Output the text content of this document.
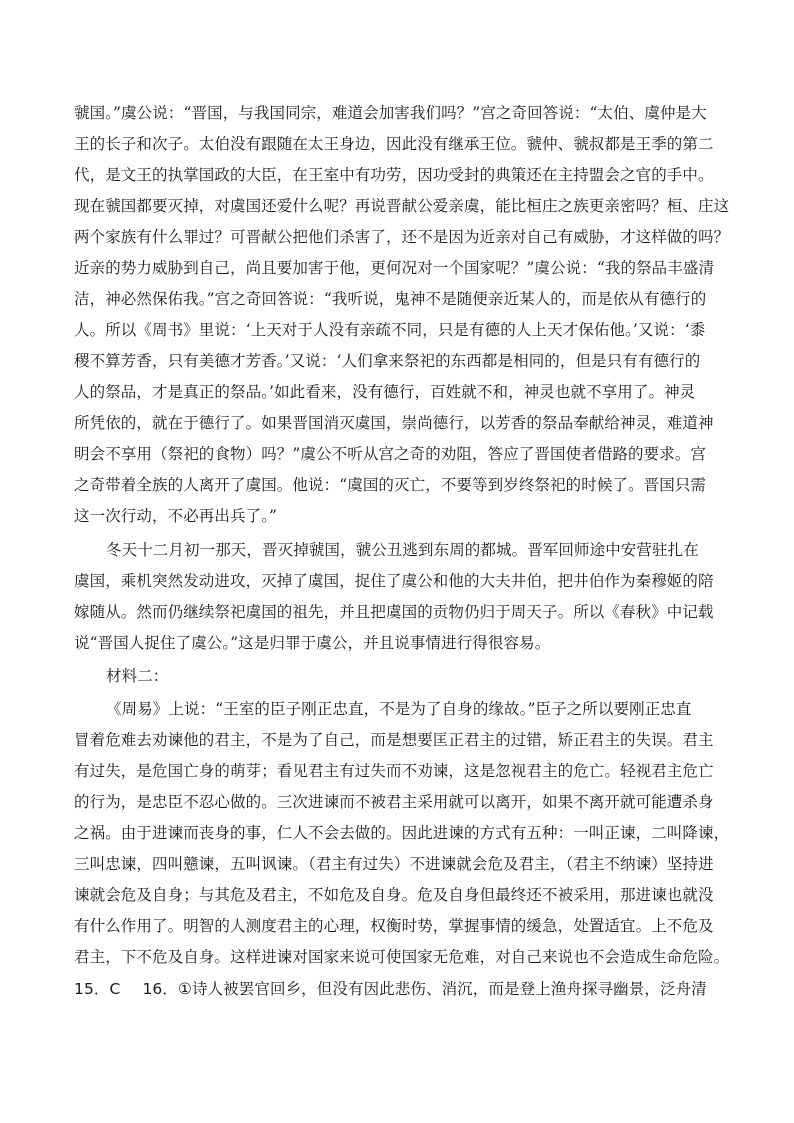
虢国。”虞公说：“晋国，与我国同宗，难道会加害我们吗？”宫之奇回答说：“太伯、虞仲是大
王的长子和次子。太伯没有跟随在太王身边，因此没有继承王位。虢仲、虢叔都是王季的第二
代，是文王的执掌国政的大臣，在王室中有功劳，因功受封的典策还在主持盟会之官的手中。
现在虢国都要灭掉，对虞国还爱什么呢？再说晋献公爱亲虞，能比桓庄之族更亲密吗？桓、庄这
两个家族有什么罪过？可晋献公把他们杀害了，还不是因为近亲对自己有威胁，才这样做的吗？
近亲的势力威胁到自己，尚且要加害于他，更何况对一个国家呢？”虞公说：“我的祭品丰盛清
洁，神必然保佑我。”宫之奇回答说：“我听说，鬼神不是随便亲近某人的，而是依从有德行的
人。所以《周书》里说：‘上天对于人没有亲疏不同，只是有德的人上天才保佑他。’又说：‘黍
稷不算芳香，只有美德才芳香。’又说：‘人们拿来祭祀的东西都是相同的，但是只有有德行的
人的祭品，才是真正的祭品。’如此看来，没有德行，百姓就不和，神灵也就不享用了。神灵
所凭依的，就在于德行了。如果晋国消灭虞国，崇尚德行，以芳香的祭品奉献给神灵，难道神
明会不享用（祭祀的食物）吗？”虞公不听从宫之奇的劝阻，答应了晋国使者借路的要求。宫
之奇带着全族的人离开了虞国。他说：“虞国的灭亡，不要等到岁终祭祀的时候了。晋国只需
这一次行动，不必再出兵了。”
冬天十二月初一那天，晋灭掉虢国，虢公丑逃到东周的都城。晋军回师途中安营驻扎在
虞国，乘机突然发动进攻，灭掉了虞国，捉住了虞公和他的大夫井伯，把井伯作为秦穆姬的陪
嫁随从。然而仍继续祭祀虞国的祖先，并且把虞国的贡物仍归于周天子。所以《春秋》中记载
说“晋国人捉住了虞公。”这是归罪于虞公，并且说事情进行得很容易。
材料二：
《周易》上说：“王室的臣子刚正忠直，不是为了自身的缘故。”臣子之所以要刚正忠直
冒着危难去劝谏他的君主，不是为了自己，而是想要匡正君主的过错，矫正君主的失误。君主
有过失，是危国亡身的萌芽；看见君主有过失而不劝谏，这是忽视君主的危亡。轻视君主危亡
的行为，是忠臣不忍心做的。三次进谏而不被君主采用就可以离开，如果不离开就可能遭杀身
之祸。由于进谏而丧身的事，仁人不会去做的。因此进谏的方式有五种：一叫正谏，二叫降谏，
三叫忠谏，四叫戆谏，五叫讽谏。（君主有过失）不进谏就会危及君主，（君主不纳谏）坚持进
谏就会危及自身；与其危及君主，不如危及自身。危及自身但最终还不被采用，那进谏也就没
有什么作用了。明智的人测度君主的心理，权衡时势，掌握事情的缓急，处置适宜。上不危及
君主，下不危及自身。这样进谏对国家来说可使国家无危难，对自己来说也不会造成生命危险。
15．C 16．①诗人被罢官回乡，但没有因此悲伤、消沉，而是登上渔舟探寻幽景，泛舟清
